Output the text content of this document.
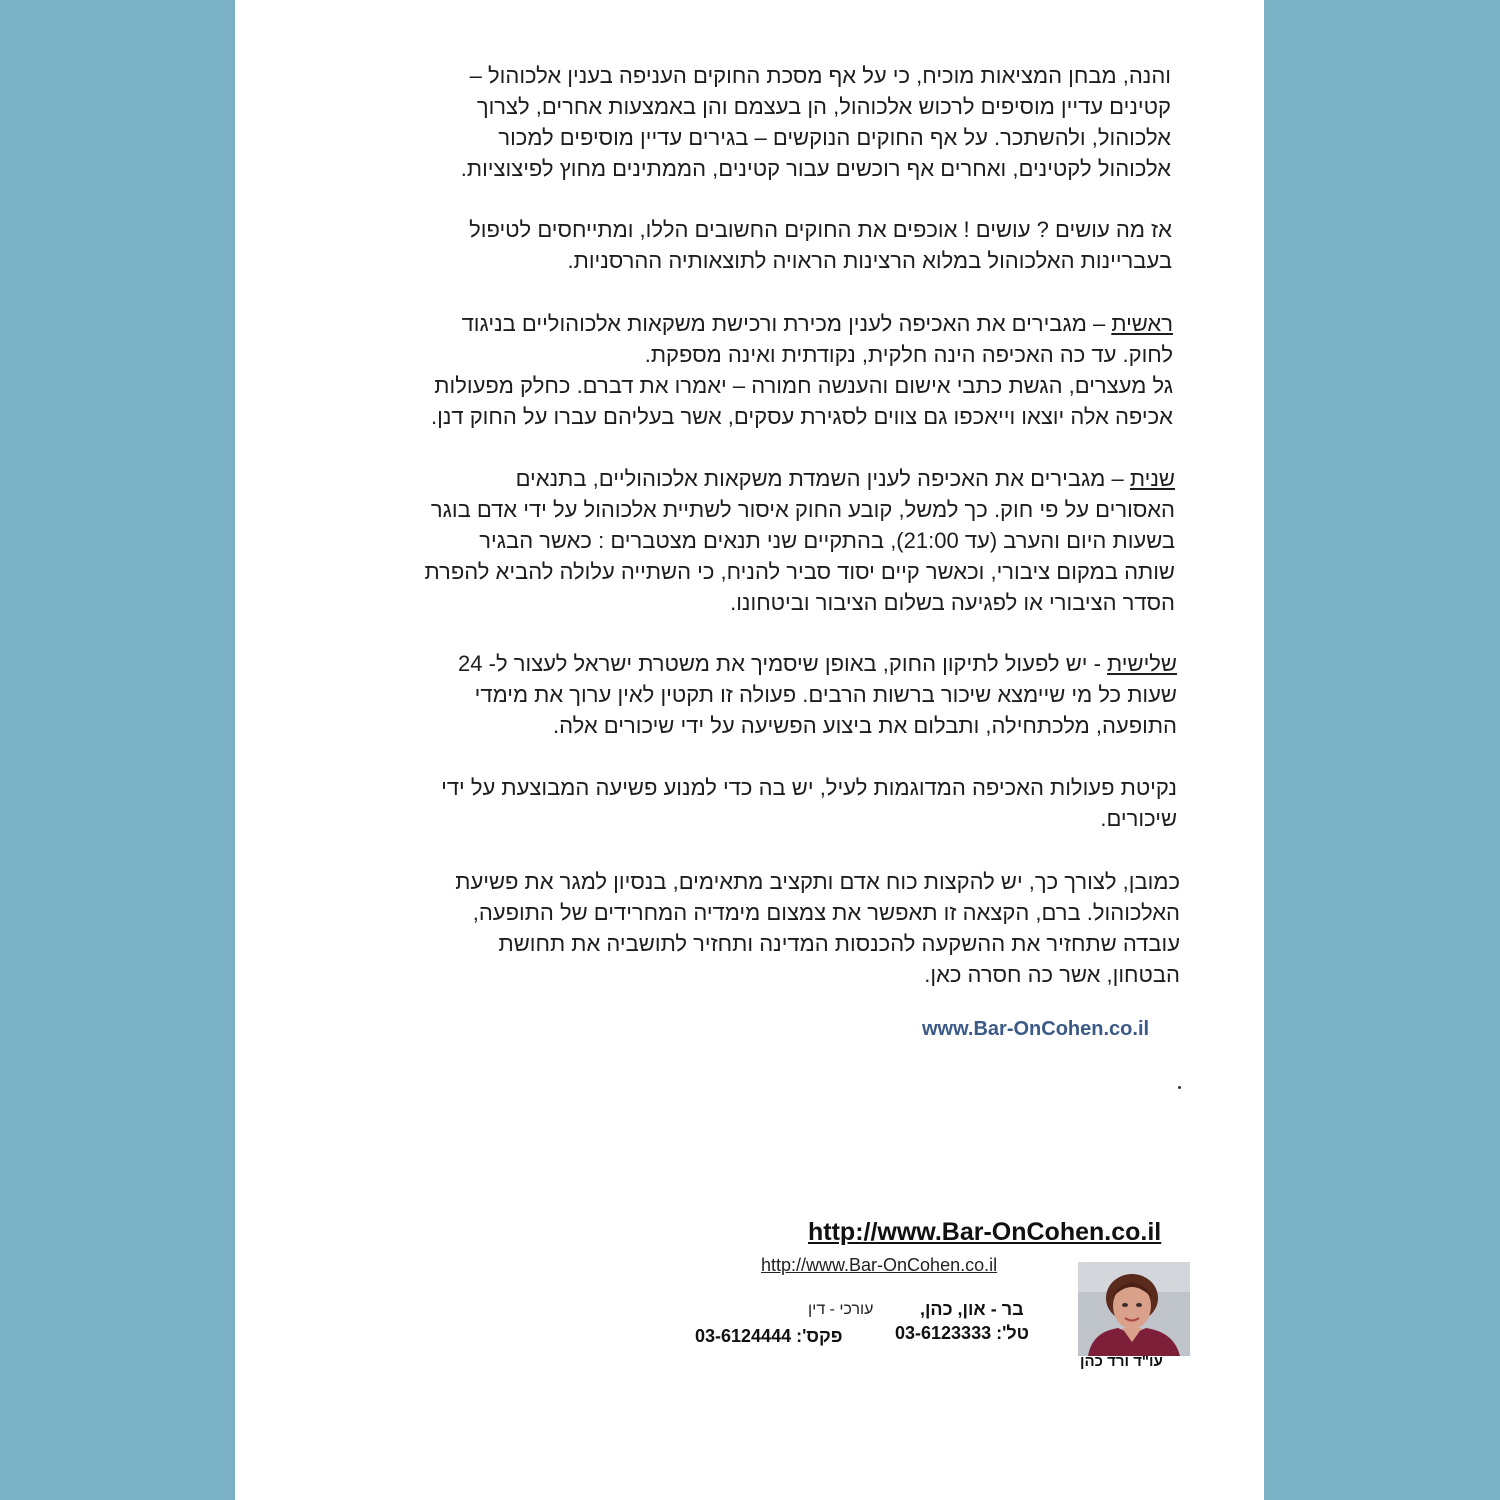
והנה, מבחן המציאות מוכיח, כי על אף מסכת החוקים העניפה בענין אלכוהול –
קטינים עדיין מוסיפים לרכוש אלכוהול, הן בעצמם והן באמצעות אחרים, לצרוך
אלכוהול, ולהשתכר. על אף החוקים הנוקשים – בגירים עדיין מוסיפים למכור
אלכוהול לקטינים, ואחרים אף רוכשים עבור קטינים, הממתינים מחוץ לפיצוציות.
אז מה עושים ? עושים ! אוכפים את החוקים החשובים הללו, ומתייחסים לטיפול
בעבריינות האלכוהול במלוא הרצינות הראויה לתוצאותיה ההרסניות.
ראשית – מגבירים את האכיפה לענין מכירת ורכישת משקאות אלכוהוליים בניגוד
לחוק. עד כה האכיפה הינה חלקית, נקודתית ואינה מספקת.
גל מעצרים, הגשת כתבי אישום והענשה חמורה – יאמרו את דברם. כחלק מפעולות
אכיפה אלה יוצאו וייאכפו גם צווים לסגירת עסקים, אשר בעליהם עברו על החוק דנן.
שנית – מגבירים את האכיפה לענין השמדת משקאות אלכוהוליים, בתנאים
האסורים על פי חוק. כך למשל, קובע החוק איסור לשתיית אלכוהול על ידי אדם בוגר
בשעות היום והערב (עד 21:00), בהתקיים שני תנאים מצטברים : כאשר הבגיר
שותה במקום ציבורי, וכאשר קיים יסוד סביר להניח, כי השתייה עלולה להביא להפרת
הסדר הציבורי או לפגיעה בשלום הציבור וביטחונו.
שלישית - יש לפעול לתיקון החוק, באופן שיסמיך את משטרת ישראל לעצור ל- 24
שעות כל מי שיימצא שיכור ברשות הרבים. פעולה זו תקטין לאין ערוך את מימדי
התופעה, מלכתחילה, ותבלום את ביצוע הפשיעה על ידי שיכורים אלה.
נקיטת פעולות האכיפה המדוגמות לעיל, יש בה כדי למנוע פשיעה המבוצעת על ידי
שיכורים.
כמובן, לצורך כך, יש להקצות כוח אדם ותקציב מתאימים, בנסיון למגר את פשיעת
האלכוהול. ברם, הקצאה זו תאפשר את צמצום מימדיה המחרידים של התופעה,
עובדה שתחזיר את ההשקעה להכנסות המדינה ותחזיר לתושביה את תחושת
הבטחון, אשר כה חסרה כאן.
www.Bar-OnCohen.co.il
http://www.Bar-OnCohen.co.il
http://www.Bar-OnCohen.co.il
בר - און, כהן,
עורכי - דין
טל': 03-6123333
פקס': 03-6124444
עו"ד ורד כהן
